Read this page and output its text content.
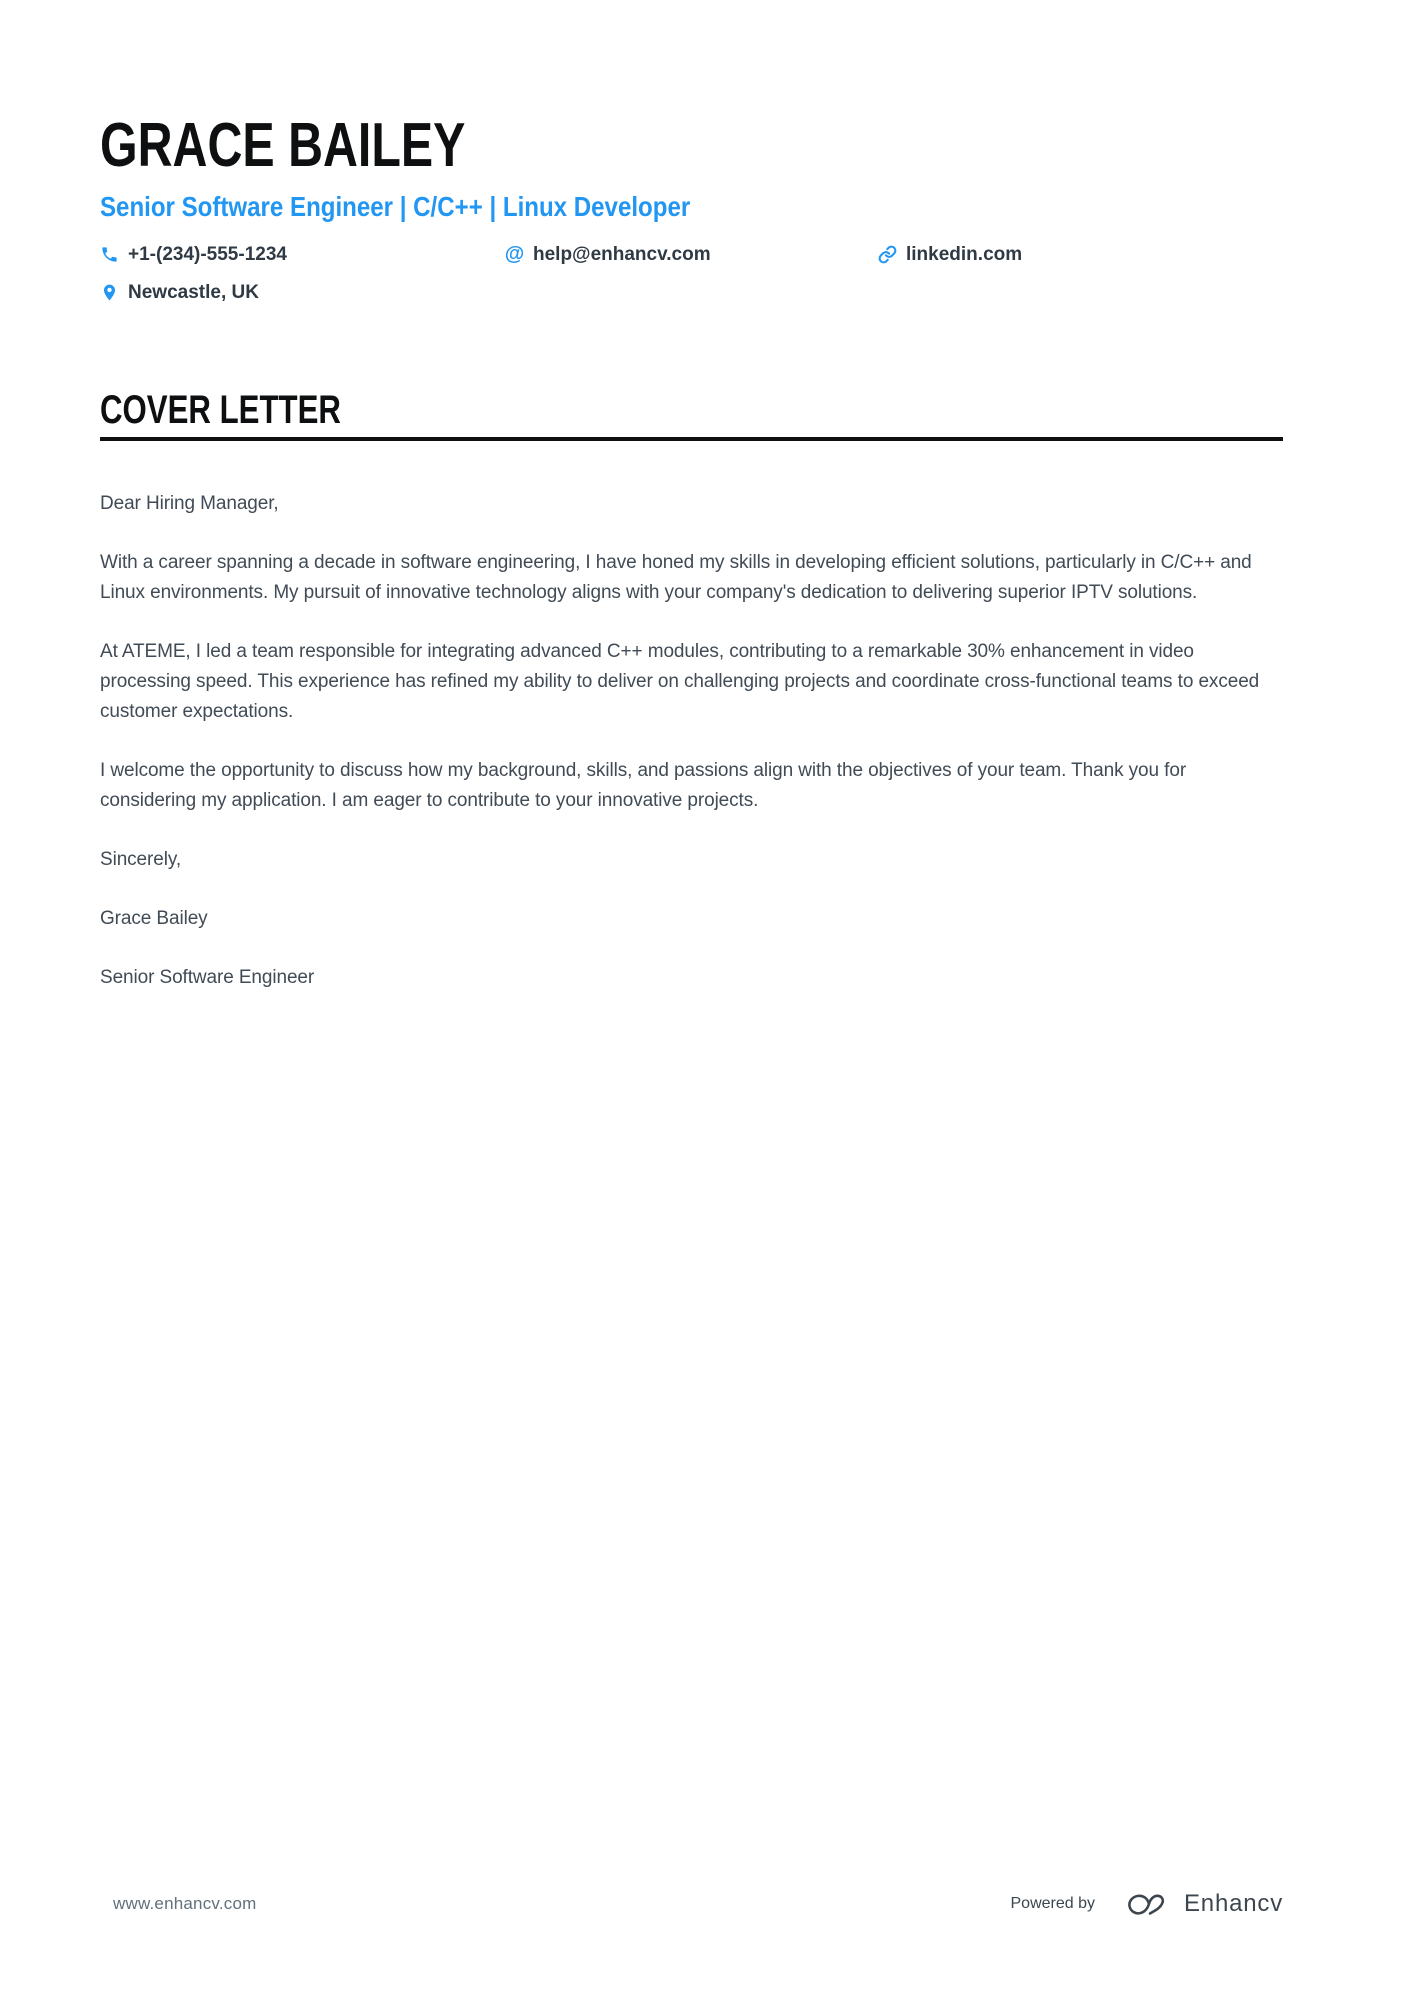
GRACE BAILEY
Senior Software Engineer | C/C++ | Linux Developer
+1-(234)-555-1234	@ help@enhancv.com	linkedin.com
Newcastle, UK
COVER LETTER

Dear Hiring Manager,

With a career spanning a decade in software engineering, I have honed my skills in developing efficient solutions, particularly in C/C++ and Linux environments. My pursuit of innovative technology aligns with your company's dedication to delivering superior IPTV solutions.

At ATEME, I led a team responsible for integrating advanced C++ modules, contributing to a remarkable 30% enhancement in video processing speed. This experience has refined my ability to deliver on challenging projects and coordinate cross-functional teams to exceed customer expectations.

I welcome the opportunity to discuss how my background, skills, and passions align with the objectives of your team. Thank you for considering my application. I am eager to contribute to your innovative projects.

Sincerely,

Grace Bailey

Senior Software Engineer

www.enhancv.com	Powered by	Enhancv
